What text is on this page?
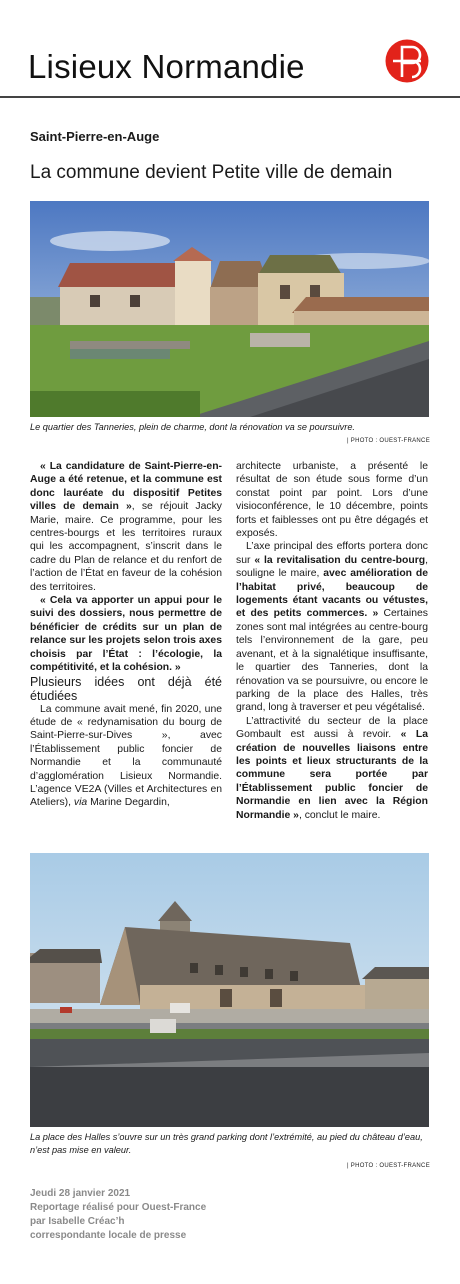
Lisieux Normandie
Saint-Pierre-en-Auge
La commune devient Petite ville de demain
Le quartier des Tanneries, plein de charme, dont la rénovation va se poursuivre.
| PHOTO : OUEST-FRANCE

« La candidature de Saint-Pierre-en-Auge a été retenue, et la commune est donc lauréate du dispositif Petites villes de demain », se réjouit Jacky Marie, maire. Ce programme, pour les centres-bourgs et les territoires ruraux qui les accompagnent, s’inscrit dans le cadre du Plan de relance et du renfort de l’action de l’État en faveur de la cohésion des territoires.

« Cela va apporter un appui pour le suivi des dossiers, nous permettre de bénéficier de crédits sur un plan de relance sur les projets selon trois axes choisis par l’État : l’écologie, la compétitivité, et la cohésion. »

Plusieurs idées ont déjà été étudiées

La commune avait mené, fin 2020, une étude de « redynamisation du bourg de Saint-Pierre-sur-Dives », avec l’Établissement public foncier de Normandie et la communauté d’agglomération Lisieux Normandie. L’agence VE2A (Villes et Architectures en Ateliers), via Marine Degardin,

architecte urbaniste, a présenté le résultat de son étude sous forme d’un constat point par point. Lors d’une visioconférence, le 10 décembre, points forts et faiblesses ont pu être dégagés et exposés.

L’axe principal des efforts portera donc sur « la revitalisation du centre-bourg, souligne le maire, avec amélioration de l’habitat privé, beaucoup de logements étant vacants ou vétustes, et des petits commerces. » Certaines zones sont mal intégrées au centre-bourg tels l’environnement de la gare, peu avenant, et à la signalétique insuffisante, le quartier des Tanneries, dont la rénovation va se poursuivre, ou encore le parking de la place des Halles, très grand, long à traverser et peu végétalisé.

L’attractivité du secteur de la place Gombault est aussi à revoir. « La création de nouvelles liaisons entre les points et lieux structurants de la commune sera portée par l’Établissement public foncier de Normandie en lien avec la Région Normandie », conclut le maire.

La place des Halles s’ouvre sur un très grand parking dont l’extrémité, au pied du château d’eau, n’est pas mise en valeur.
| PHOTO : OUEST-FRANCE
Jeudi 28 janvier 2021
Reportage réalisé pour Ouest-France
par Isabelle Créac’h
correspondante locale de presse
